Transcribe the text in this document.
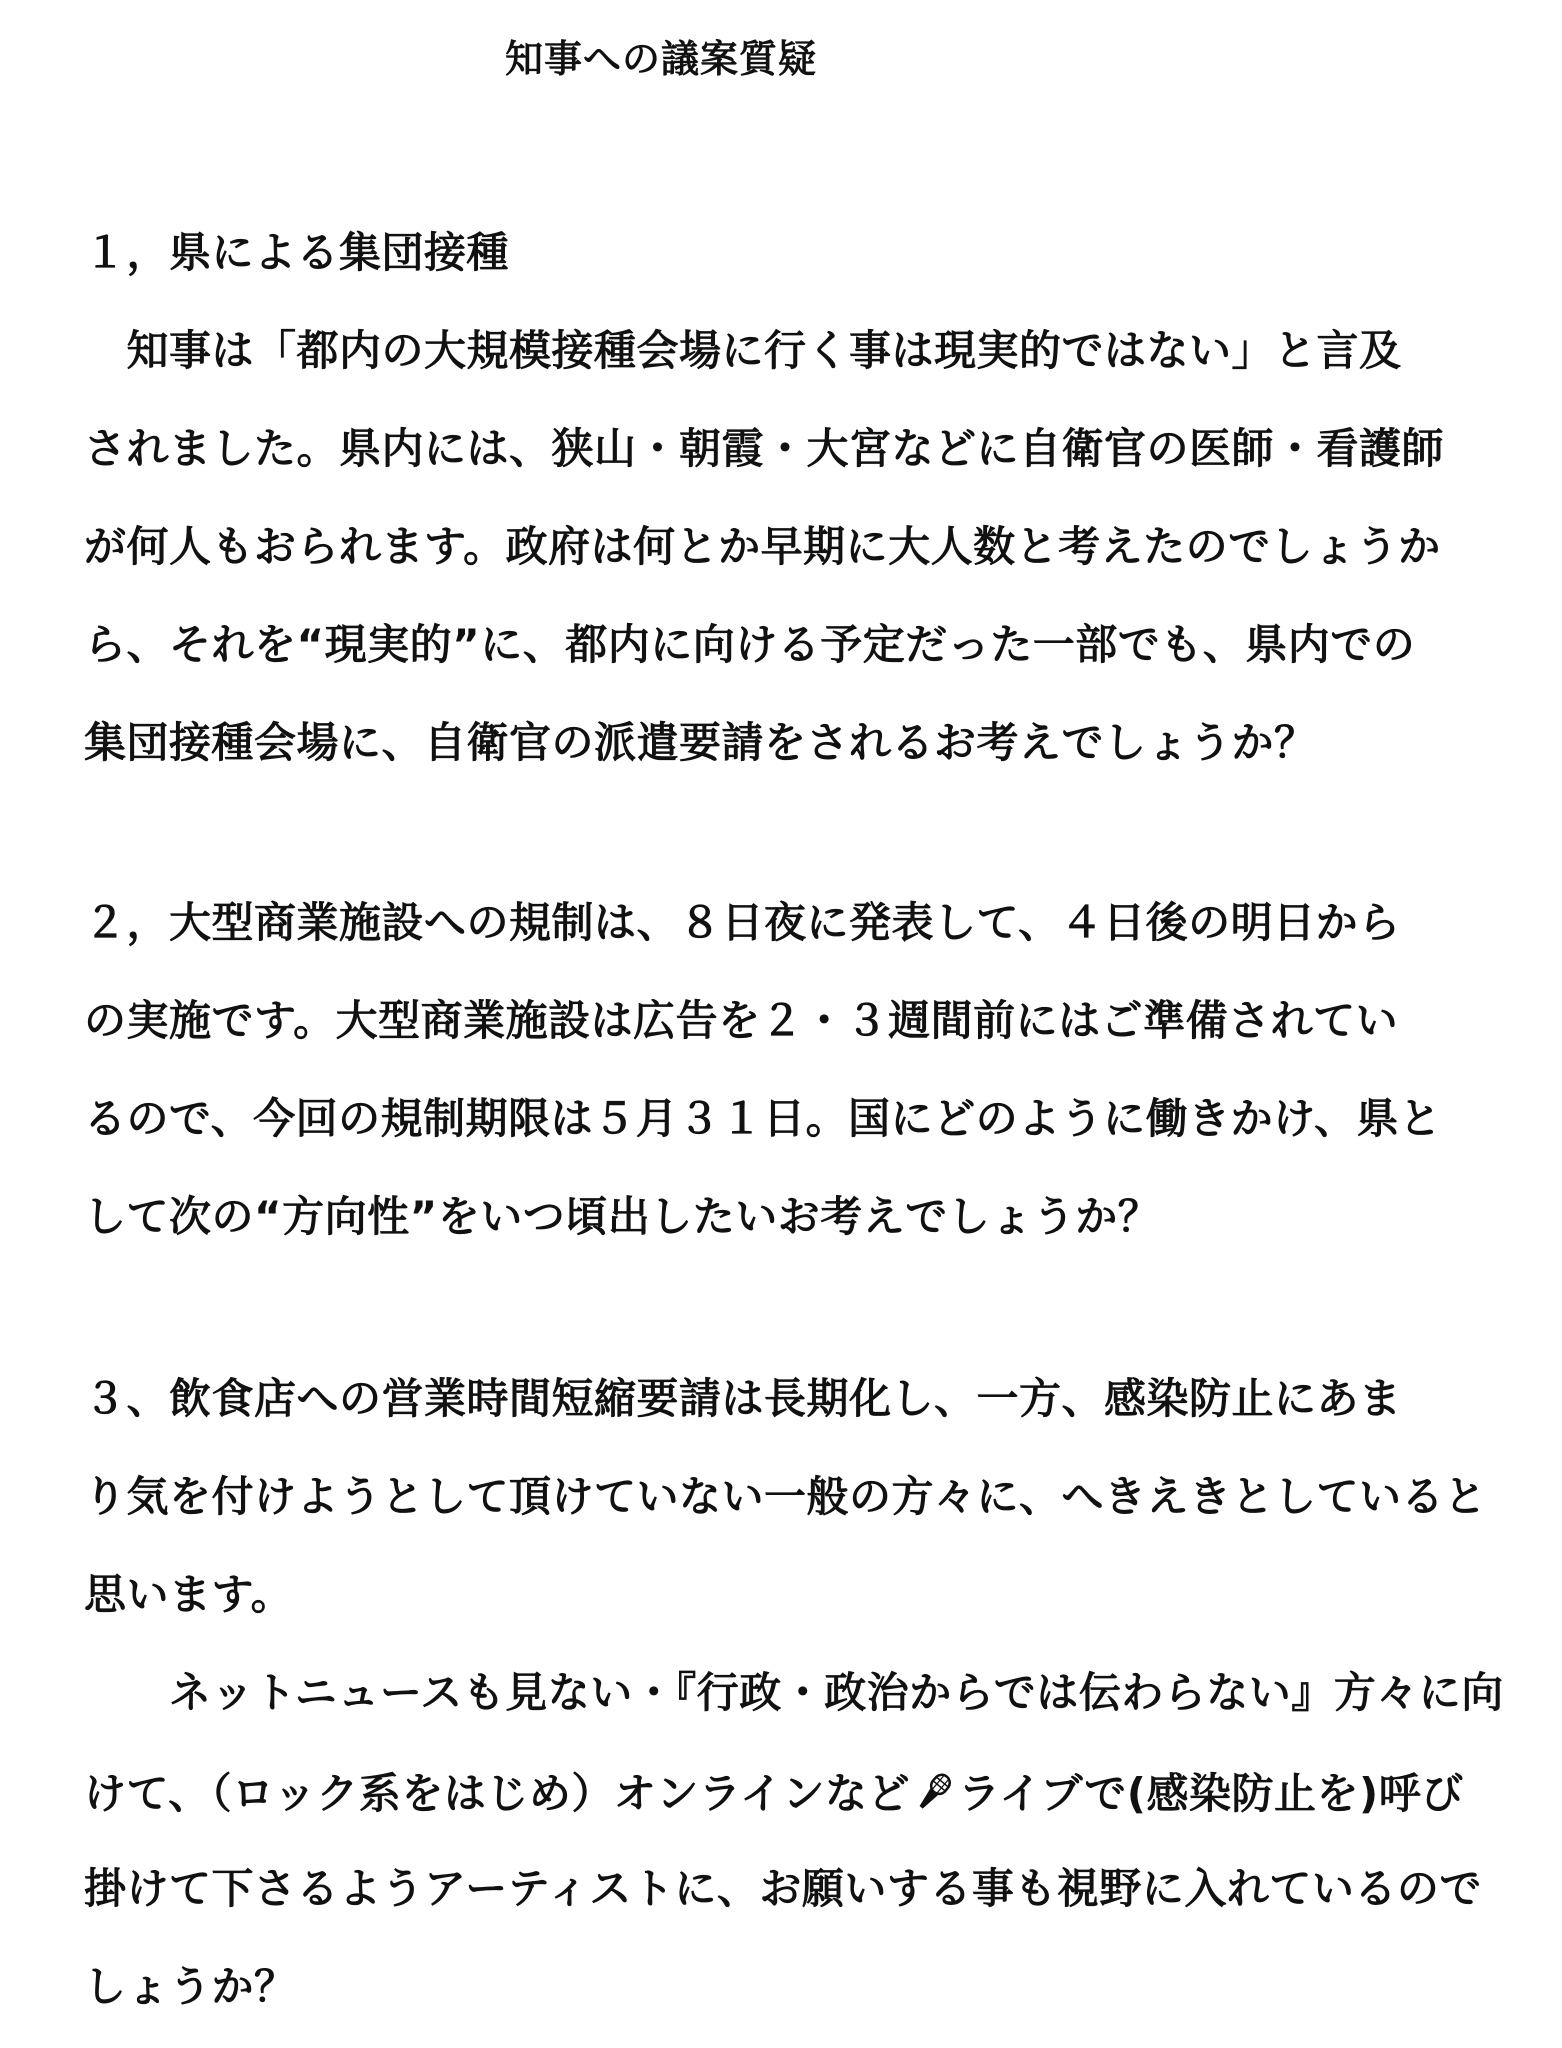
知事への議案質疑
１，県による集団接種
　知事は「都内の大規模接種会場に行く事は現実的ではない」と言及
されました。県内には、狭山・朝霞・大宮などに自衛官の医師・看護師
が何人もおられます。政府は何とか早期に大人数と考えたのでしょうか
ら、それを“現実的”に、都内に向ける予定だった一部でも、県内での
集団接種会場に、自衛官の派遣要請をされるお考えでしょうか？
２，大型商業施設への規制は、８日夜に発表して、４日後の明日から
の実施です。大型商業施設は広告を２・３週間前にはご準備されてい
るので、今回の規制期限は５月３１日。国にどのように働きかけ、県と
して次の“方向性”をいつ頃出したいお考えでしょうか？
３、飲食店への営業時間短縮要請は長期化し、一方、感染防止にあま
り気を付けようとして頂けていない一般の方々に、へきえきとしていると
思います。
　　ネットニュースも見ない・『行政・政治からでは伝わらない』方々に向
けて、（ロック系をはじめ）オンラインなど ライブで(感染防止を)呼び
掛けて下さるようアーティストに、お願いする事も視野に入れているので
しょうか？
